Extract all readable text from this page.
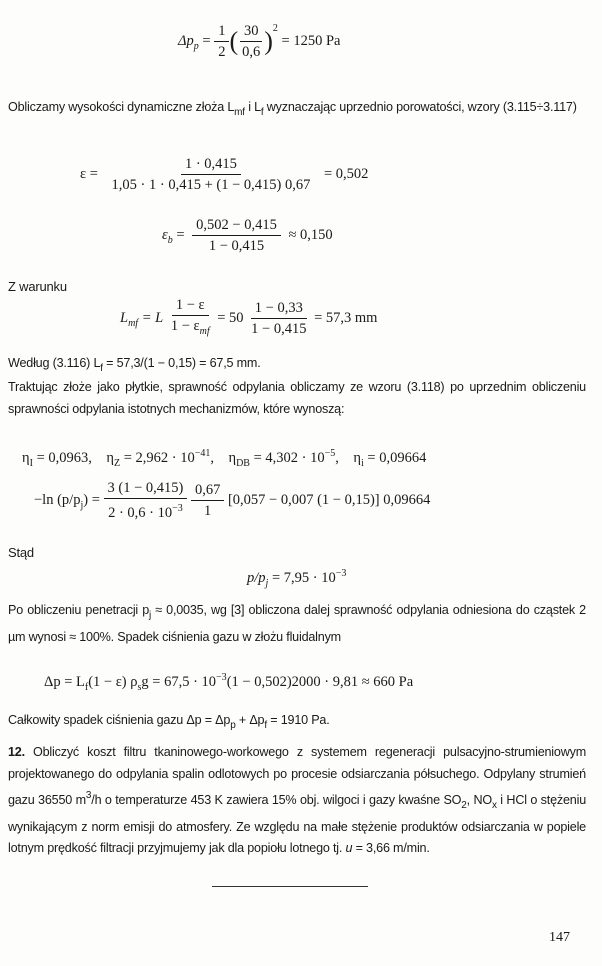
$\Delta p_p = \frac{1}{2}$ ( $\frac{30}{0,6} )^2 = 1250$ Pa
Obliczamy wysokości dynamiczne złoża $L_{mf}$ i $L_f$ wyznaczając uprzednio porowatości, wzory (3.115÷3.117)
$\varepsilon = \frac{1 \cdot 0,415}{1,05 \cdot 1 \cdot 0,415 + (1 - 0,415) 0,67} = 0,502$
$\varepsilon_b = \frac{0,502 - 0,415}{1 - 0,415} \approx 0,150$
Z warunku
$L_{mf} = L \frac{1 - \varepsilon}{1 - \varepsilon_{mf}} = 50 \frac{1 - 0,33}{1 - 0,415} = 57,3$ mm
Według (3.116) $L_f = 57,3/(1 - 0,15) = 67,5$ mm.
Traktując złoże jako płytkie, sprawność odpylania obliczamy ze wzoru (3.118) po uprzednim obliczeniu sprawności odpylania istotnych mechanizmów, które wynoszą:
$\eta_I = 0,0963$, $\eta_Z = 2,962 \cdot 10^{-41}$, $\eta_{DB} = 4,302 \cdot 10^{-5}$, $\eta_i = 0,09664$
−ln $(p/p_j) = \frac{3 (1 - 0,415)}{2 \cdot 0,6 \cdot 10^{-3}}$
$\frac{0,67}{1} [0,057 - 0,007$ (1 − 0,15)] 0,09664
Stąd
$p/p_j = 7,95 \cdot 10^{-3}$
Po obliczeniu penetracji $p_j \approx 0,0035$, wg [3] obliczona dalej sprawność odpylania odniesiona do cząstek 2 µm wynosi ≈ 100%. Spadek ciśnienia gazu w złożu fluidalnym
$\Delta p = L_f(1 - \varepsilon) \rho_sg = 67,5 \cdot 10^{-3}(1 - 0,502)2000 \cdot 9,81 \approx 660$ Pa
Całkowity spadek ciśnienia gazu $\Delta p = \Delta p_p + \Delta p_f = 1910$ Pa.
12. Obliczyć koszt filtru tkaninowego-workowego z systemem regeneracji pulsacyjno-strumieniowym projektowanego do odpylania spalin odlotowych po procesie odsiarczania półsuchego. Odpylany strumień gazu 36550 $m^3/h$ o temperaturze 453 K zawiera 15% obj. wilgoci i gazy kwaśne $SO_2$, $NO_x$ i HCl o stężeniu wynikającym z norm emisji do atmosfery. Ze względu na małe stężenie produktów odsiarczania w popiele lotnym prędkość filtracji przyjmujemy jak dla popiołu lotnego tj. u = 3,66 m/min.
147
